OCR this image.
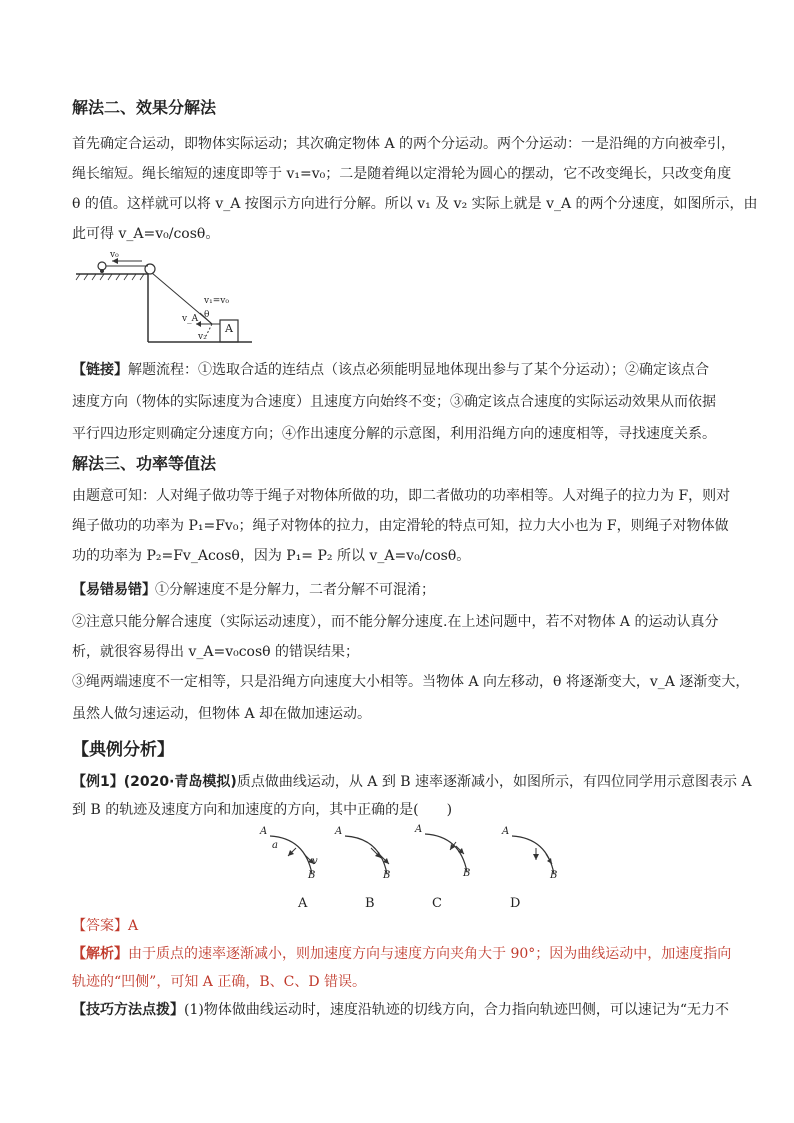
解法二、效果分解法
首先确定合运动，即物体实际运动；其次确定物体 A 的两个分运动。两个分运动：一是沿绳的方向被牵引，
绳长缩短。绳长缩短的速度即等于 v₁=v₀；二是随着绳以定滑轮为圆心的摆动，它不改变绳长，只改变角度
θ 的值。这样就可以将 v_A 按图示方向进行分解。所以 v₁ 及 v₂ 实际上就是 v_A 的两个分速度，如图所示，由
此可得 v_A=v₀/cosθ。
v₀
v₁=v₀
θ
v_A
v₂
A
【链接】解题流程：①选取合适的连结点（该点必须能明显地体现出参与了某个分运动）；②确定该点合
速度方向（物体的实际速度为合速度）且速度方向始终不变；③确定该点合速度的实际运动效果从而依据
平行四边形定则确定分速度方向；④作出速度分解的示意图，利用沿绳方向的速度相等，寻找速度关系。
解法三、功率等值法
由题意可知：人对绳子做功等于绳子对物体所做的功，即二者做功的功率相等。人对绳子的拉力为 F，则对
绳子做功的功率为 P₁=Fv₀；绳子对物体的拉力，由定滑轮的特点可知，拉力大小也为 F，则绳子对物体做
功的功率为 P₂=Fv_Acosθ，因为 P₁= P₂ 所以 v_A=v₀/cosθ。
【易错易错】 ①分解速度不是分解力，二者分解不可混淆；
②注意只能分解合速度（实际运动速度），而不能分解分速度.在上述问题中，若不对物体 A 的运动认真分
析，就很容易得出 v_A=v₀cosθ 的错误结果；
③绳两端速度不一定相等，只是沿绳方向速度大小相等。当物体 A 向左移动，θ 将逐渐变大，v_A 逐渐变大，
虽然人做匀速运动，但物体 A 却在做加速运动。
【典例分析】
【例1】(2020·青岛模拟)质点做曲线运动，从 A 到 B 速率逐渐减小，如图所示，有四位同学用示意图表示 A
到 B 的轨迹及速度方向和加速度的方向，其中正确的是(　　)
A
B
a
v
A
B
A
B
A
B
A	B	C	D
【答案】A
【解析】由于质点的速率逐渐减小，则加速度方向与速度方向夹角大于 90°；因为曲线运动中，加速度指向
轨迹的“凹侧”，可知 A 正确，B、C、D 错误。
【技巧方法点拨】(1)物体做曲线运动时，速度沿轨迹的切线方向，合力指向轨迹凹侧，可以速记为“无力不
